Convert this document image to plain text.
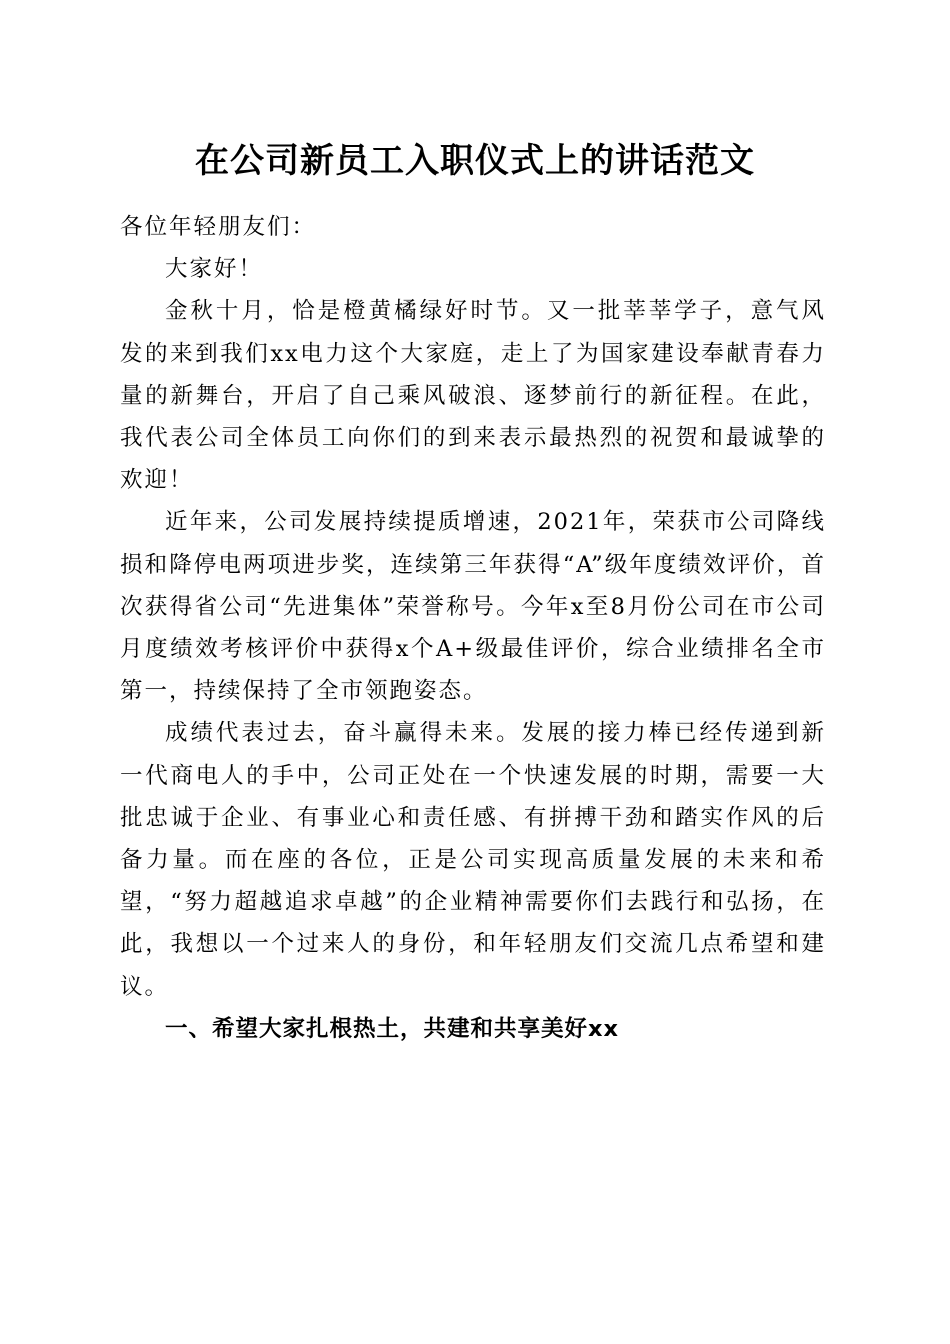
在公司新员工入职仪式上的讲话范文

各位年轻朋友们：

大家好！

金秋十月，恰是橙黄橘绿好时节。又一批莘莘学子，意气风发的来到我们xx电力这个大家庭，走上了为国家建设奉献青春力量的新舞台，开启了自己乘风破浪、逐梦前行的新征程。在此，我代表公司全体员工向你们的到来表示最热烈的祝贺和最诚挚的欢迎！

近年来，公司发展持续提质增速，2021年，荣获市公司降线损和降停电两项进步奖，连续第三年获得“A”级年度绩效评价，首次获得省公司“先进集体”荣誉称号。今年x至8月份公司在市公司月度绩效考核评价中获得x个A+级最佳评价，综合业绩排名全市第一，持续保持了全市领跑姿态。

成绩代表过去，奋斗赢得未来。发展的接力棒已经传递到新一代商电人的手中，公司正处在一个快速发展的时期，需要一大批忠诚于企业、有事业心和责任感、有拼搏干劲和踏实作风的后备力量。而在座的各位，正是公司实现高质量发展的未来和希望，“努力超越追求卓越”的企业精神需要你们去践行和弘扬，在此，我想以一个过来人的身份，和年轻朋友们交流几点希望和建议。

一、希望大家扎根热土，共建和共享美好xx
